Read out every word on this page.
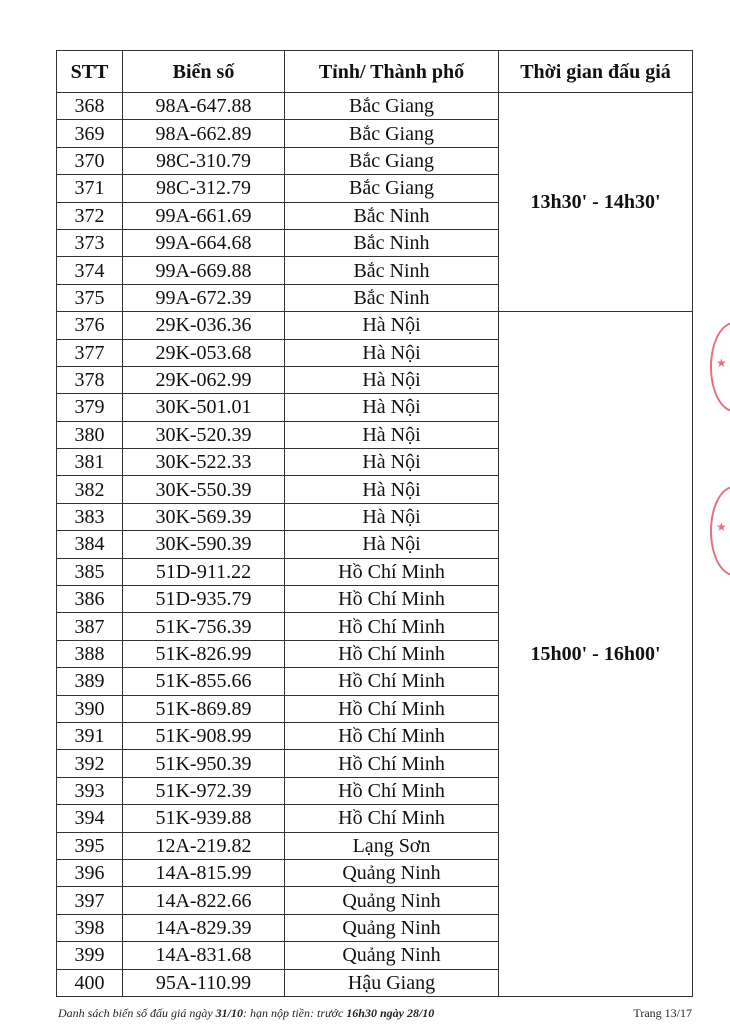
STT	Biển số	Tỉnh/ Thành phố	Thời gian đấu giá
368	98A-647.88	Bắc Giang	13h30' - 14h30'
369	98A-662.89	Bắc Giang	
370	98C-310.79	Bắc Giang	
371	98C-312.79	Bắc Giang	
372	99A-661.69	Bắc Ninh	
373	99A-664.68	Bắc Ninh	
374	99A-669.88	Bắc Ninh	
375	99A-672.39	Bắc Ninh	
376	29K-036.36	Hà Nội	15h00' - 16h00'
377	29K-053.68	Hà Nội	
378	29K-062.99	Hà Nội	
379	30K-501.01	Hà Nội	
380	30K-520.39	Hà Nội	
381	30K-522.33	Hà Nội	
382	30K-550.39	Hà Nội	
383	30K-569.39	Hà Nội	
384	30K-590.39	Hà Nội	
385	51D-911.22	Hồ Chí Minh	
386	51D-935.79	Hồ Chí Minh	
387	51K-756.39	Hồ Chí Minh	
388	51K-826.99	Hồ Chí Minh	
389	51K-855.66	Hồ Chí Minh	
390	51K-869.89	Hồ Chí Minh	
391	51K-908.99	Hồ Chí Minh	
392	51K-950.39	Hồ Chí Minh	
393	51K-972.39	Hồ Chí Minh	
394	51K-939.88	Hồ Chí Minh	
395	12A-219.82	Lạng Sơn	
396	14A-815.99	Quảng Ninh	
397	14A-822.66	Quảng Ninh	
398	14A-829.39	Quảng Ninh	
399	14A-831.68	Quảng Ninh	
400	95A-110.99	Hậu Giang	
★
★
Danh sách biển số đấu giá ngày 31/10: hạn nộp tiền: trước 16h30 ngày 28/10	Trang 13/17
